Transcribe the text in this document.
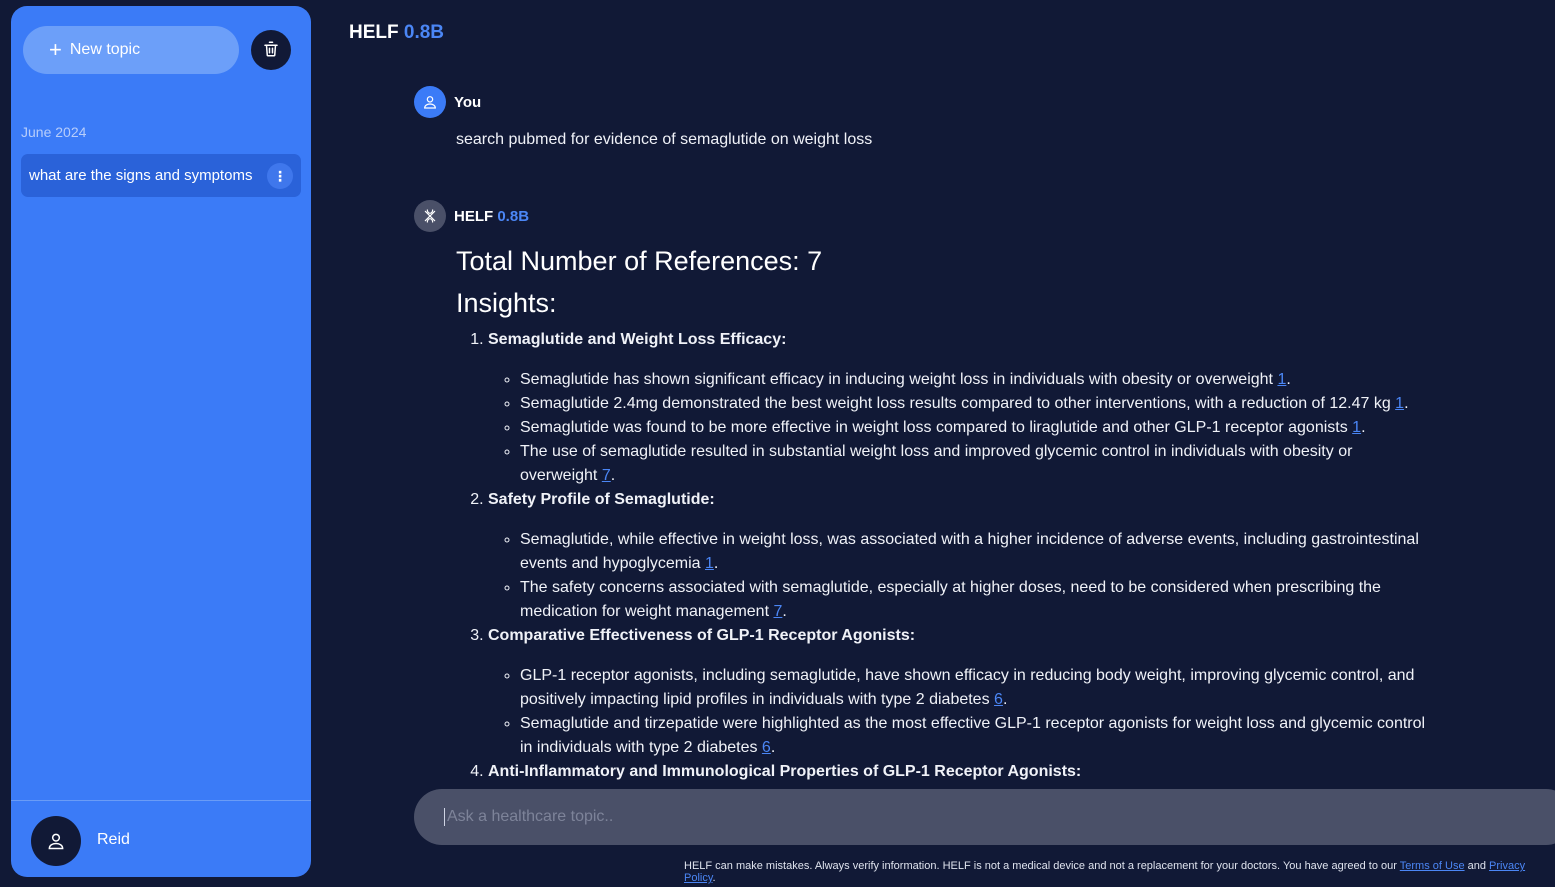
+ New topic
June 2024
what are the signs and symptoms	⋮
Reid
HELF 0.8B
You
search pubmed for evidence of semaglutide on weight loss
HELF 0.8B
Total Number of References: 7
Insights:
1. Semaglutide and Weight Loss Efficacy:
◦ Semaglutide has shown significant efficacy in inducing weight loss in individuals with obesity or overweight 1.
◦ Semaglutide 2.4mg demonstrated the best weight loss results compared to other interventions, with a reduction of 12.47 kg 1.
◦ Semaglutide was found to be more effective in weight loss compared to liraglutide and other GLP-1 receptor agonists 1.
◦ The use of semaglutide resulted in substantial weight loss and improved glycemic control in individuals with obesity or overweight 7.
2. Safety Profile of Semaglutide:
◦ Semaglutide, while effective in weight loss, was associated with a higher incidence of adverse events, including gastrointestinal events and hypoglycemia 1.
◦ The safety concerns associated with semaglutide, especially at higher doses, need to be considered when prescribing the medication for weight management 7.
3. Comparative Effectiveness of GLP-1 Receptor Agonists:
◦ GLP-1 receptor agonists, including semaglutide, have shown efficacy in reducing body weight, improving glycemic control, and positively impacting lipid profiles in individuals with type 2 diabetes 6.
◦ Semaglutide and tirzepatide were highlighted as the most effective GLP-1 receptor agonists for weight loss and glycemic control in individuals with type 2 diabetes 6.
4. Anti-Inflammatory and Immunological Properties of GLP-1 Receptor Agonists:
Ask a healthcare topic..
HELF can make mistakes. Always verify information. HELF is not a medical device and not a replacement for your doctors. You have agreed to our Terms of Use and Privacy Policy.
